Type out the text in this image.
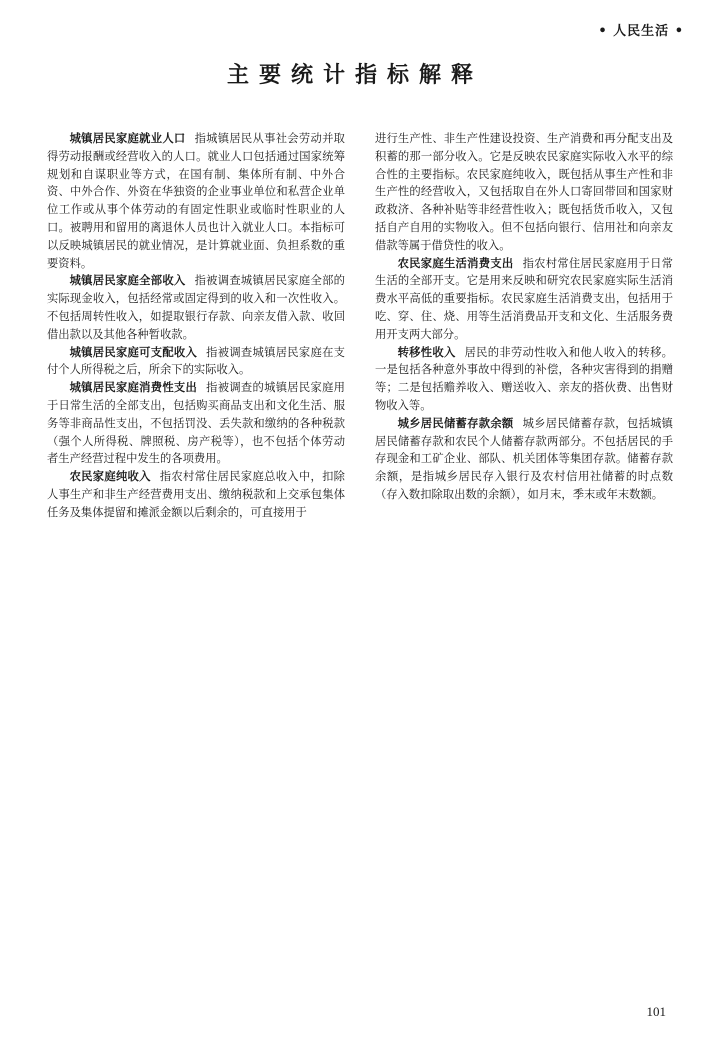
• 人民生活 •
主要统计指标解释

城镇居民家庭就业人口 指城镇居民从事社会劳动并取得劳动报酬或经营收入的人口。就业人口包括通过国家统筹规划和自谋职业等方式，在国有制、集体所有制、中外合资、中外合作、外资在华独资的企业事业单位和私营企业单位工作或从事个体劳动的有固定性职业或临时性职业的人口。被聘用和留用的离退休人员也计入就业人口。本指标可以反映城镇居民的就业情况，是计算就业面、负担系数的重要资料。

城镇居民家庭全部收入 指被调查城镇居民家庭全部的实际现金收入，包括经常或固定得到的收入和一次性收入。不包括周转性收入，如提取银行存款、向亲友借入款、收回借出款以及其他各种暂收款。

城镇居民家庭可支配收入 指被调查城镇居民家庭在支付个人所得税之后，所余下的实际收入。

城镇居民家庭消费性支出 指被调查的城镇居民家庭用于日常生活的全部支出，包括购买商品支出和文化生活、服务等非商品性支出，不包括罚没、丢失款和缴纳的各种税款（强个人所得税、牌照税、房产税等），也不包括个体劳动者生产经营过程中发生的各项费用。

农民家庭纯收入 指农村常住居民家庭总收入中，扣除人事生产和非生产经营费用支出、缴纳税款和上交承包集体任务及集体提留和摊派金额以后剩余的，可直接用于

进行生产性、非生产性建设投资、生产消费和再分配支出及积蓄的那一部分收入。它是反映农民家庭实际收入水平的综合性的主要指标。农民家庭纯收入，既包括从事生产性和非生产性的经营收入，又包括取自在外人口寄回带回和国家财政救济、各种补贴等非经营性收入；既包括货币收入，又包括自产自用的实物收入。但不包括向银行、信用社和向亲友借款等属于借贷性的收入。

农民家庭生活消费支出 指农村常住居民家庭用于日常生活的全部开支。它是用来反映和研究农民家庭实际生活消费水平高低的重要指标。农民家庭生活消费支出，包括用于吃、穿、住、烧、用等生活消费品开支和文化、生活服务费用开支两大部分。

转移性收入 居民的非劳动性收入和他人收入的转移。一是包括各种意外事故中得到的补偿，各种灾害得到的捐赠等；二是包括赡养收入、赠送收入、亲友的搭伙费、出售财物收入等。

城乡居民储蓄存款余额 城乡居民储蓄存款，包括城镇居民储蓄存款和农民个人储蓄存款两部分。不包括居民的手存现金和工矿企业、部队、机关团体等集团存款。储蓄存款余额，是指城乡居民存入银行及农村信用社储蓄的时点数（存入数扣除取出数的余额），如月末，季末或年末数额。

101
